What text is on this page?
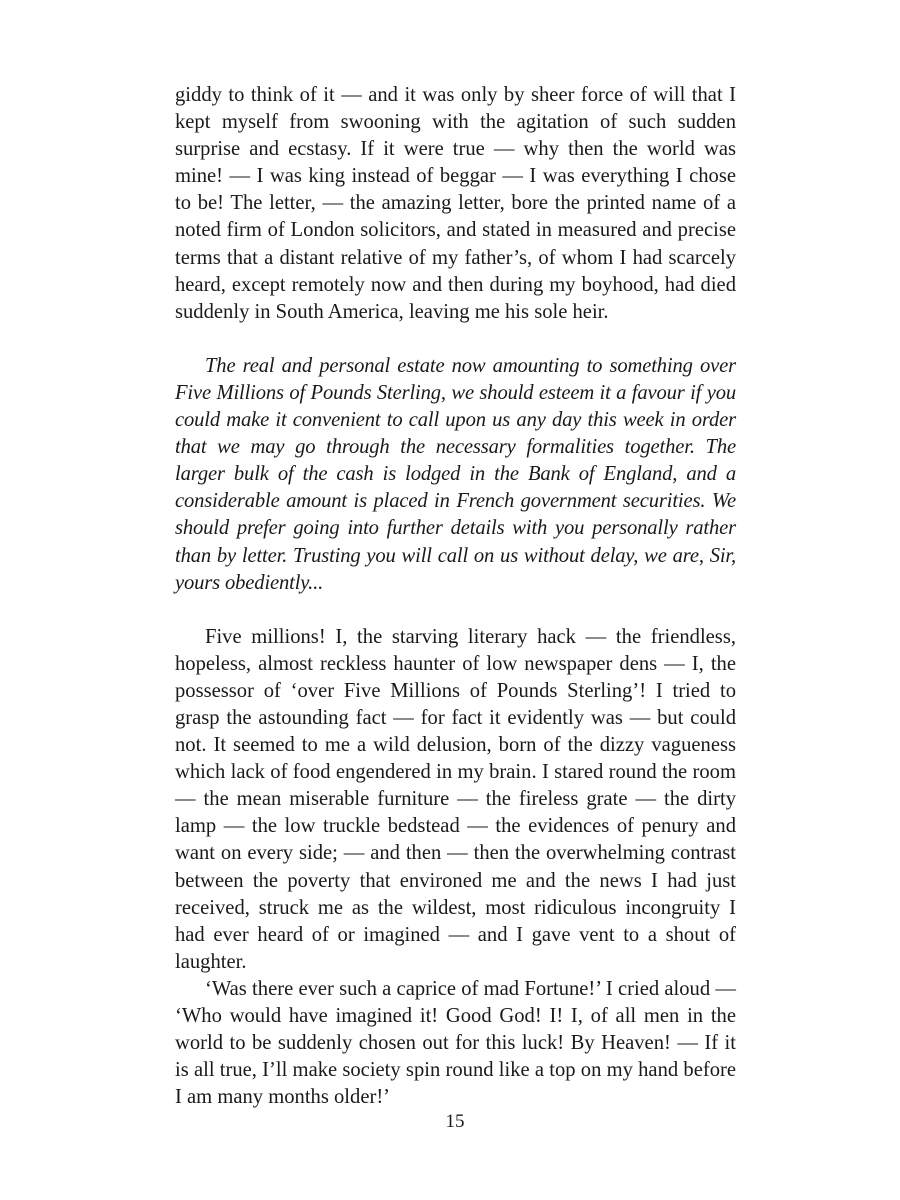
giddy to think of it — and it was only by sheer force of will that I kept myself from swooning with the agitation of such sudden surprise and ecstasy. If it were true — why then the world was mine! — I was king instead of beggar — I was everything I chose to be! The letter, — the amazing letter, bore the printed name of a noted firm of London solicitors, and stated in measured and precise terms that a distant relative of my father’s, of whom I had scarcely heard, except remotely now and then during my boyhood, had died suddenly in South America, leaving me his sole heir.

The real and personal estate now amounting to something over Five Millions of Pounds Sterling, we should esteem it a favour if you could make it convenient to call upon us any day this week in order that we may go through the necessary formalities together. The larger bulk of the cash is lodged in the Bank of England, and a considerable amount is placed in French government securities. We should prefer going into further details with you personally rather than by letter. Trusting you will call on us without delay, we are, Sir, yours obediently...

Five millions! I, the starving literary hack — the friendless, hopeless, almost reckless haunter of low newspaper dens — I, the possessor of ‘over Five Millions of Pounds Sterling’! I tried to grasp the astounding fact — for fact it evidently was — but could not. It seemed to me a wild delusion, born of the dizzy vagueness which lack of food engendered in my brain. I stared round the room — the mean miserable furniture — the fireless grate — the dirty lamp — the low truckle bedstead — the evidences of penury and want on every side; — and then — then the overwhelming contrast between the poverty that environed me and the news I had just received, struck me as the wildest, most ridiculous incongruity I had ever heard of or imagined — and I gave vent to a shout of laughter.

‘Was there ever such a caprice of mad Fortune!’ I cried aloud — ‘Who would have imagined it! Good God! I! I, of all men in the world to be suddenly chosen out for this luck! By Heaven! — If it is all true, I’ll make society spin round like a top on my hand before I am many months older!’

15
